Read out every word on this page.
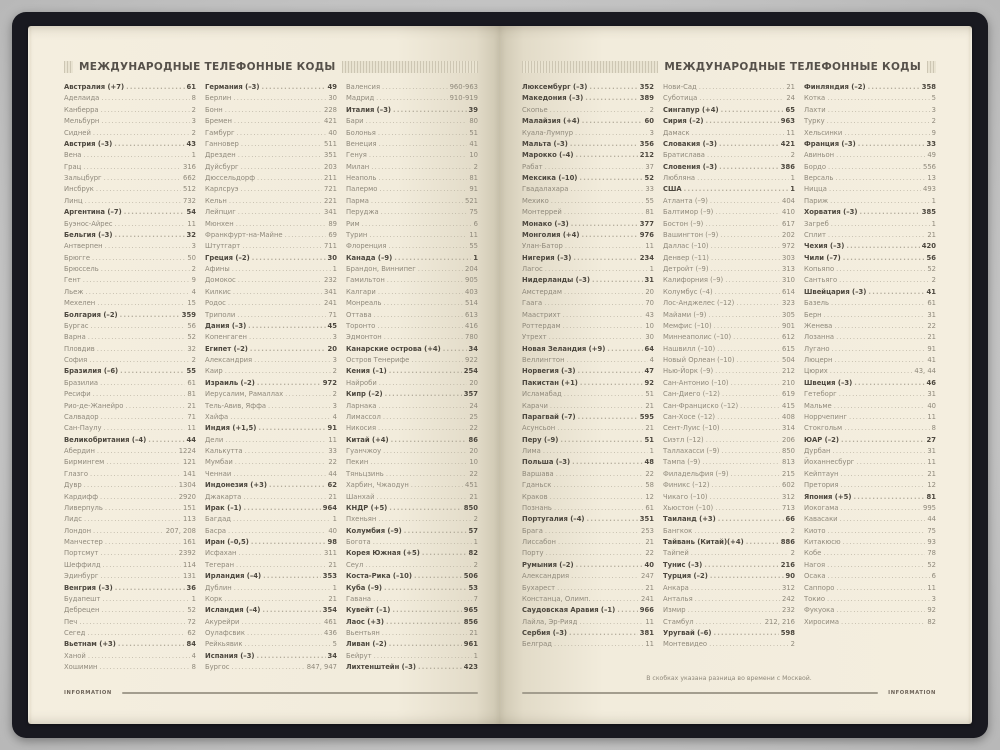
МЕЖДУНАРОДНЫЕ ТЕЛЕФОННЫЕ КОДЫ
Австралия (+7) .....	61
Аделаида .....	8
Канберра .....	2
Мельбурн .....	3
Сидней .....	2
Австрия (–3) .....	43
Вена .....	1
Грац .....	316
Зальцбург .....	662
Инсбрук .....	512
Линц .....	732
Аргентина (–7) .....	54
Буэнос-Айрес .....	11
Бельгия (–3) .....	32
Антверпен .....	3
Брюгге .....	50
Брюссель .....	2
Гент .....	9
Льеж .....	4
Мехелен .....	15
Болгария (–2) .....	359
Бургас .....	56
Варна .....	52
Пловдив .....	32
София .....	2
Бразилия (–6) .....	55
Бразилиа .....	61
Ресифи .....	81
Рио-де-Жанейро .....	21
Салвадор .....	71
Сан-Паулу .....	11
Великобритания (–4) .....	44
Абердин .....	1224
Бирмингем .....	121
Глазго .....	141
Дувр .....	1304
Кардифф .....	2920
Ливерпуль .....	151
Лидс .....	113
Лондон .....	207, 208
Манчестер .....	161
Портсмут .....	2392
Шеффилд .....	114
Эдинбург .....	131
Венгрия (–3) .....	36
Будапешт .....	1
Дебрецен .....	52
Печ .....	72
Сегед .....	62
Вьетнам (+3) .....	84
Ханой .....	4
Хошимин .....	8
Германия (–3) .....	49
Берлин .....	30
Бонн .....	228
Бремен .....	421
Гамбург .....	40
Ганновер .....	511
Дрезден .....	351
Дуйсбург .....	203
Дюссельдорф .....	211
Карлсруэ .....	721
Кельн .....	221
Лейпциг .....	341
Мюнхен .....	89
Франкфурт-на-Майне .....	69
Штутгарт .....	711
Греция (–2) .....	30
Афины .....	1
Домокос .....	232
Килкис .....	341
Родос .....	241
Триполи .....	71
Дания (–3) .....	45
Копенгаген .....	3
Египет (–2) .....	20
Александрия .....	3
Каир .....	2
Израиль (–2) .....	972
Иерусалим, Рамаллах .....	2
Тель-Авив, Яффа .....	3
Хайфа .....	4
Индия (+1,5) .....	91
Дели .....	11
Калькутта .....	33
Мумбаи .....	22
Ченнаи .....	44
Индонезия (+3) .....	62
Джакарта .....	21
Ирак (–1) .....	964
Багдад .....	1
Басра .....	40
Иран (–0,5) .....	98
Исфахан .....	311
Тегеран .....	21
Ирландия (–4) .....	353
Дублин .....	1
Корк .....	21
Исландия (–4) .....	354
Акурейри .....	461
Оулафсвик .....	436
Рейкьявик .....	5
Испания (–3) .....	34
Бургос .....	847, 947
Валенсия .....	960-963
Мадрид .....	910-919
Италия (–3) .....	39
Бари .....	80
Болонья .....	51
Венеция .....	41
Генуя .....	10
Милан .....	2
Неаполь .....	81
Палермо .....	91
Парма .....	521
Перуджа .....	75
Рим .....	6
Турин .....	11
Флоренция .....	55
Канада (–9) .....	1
Брандон, Виннипег .....	204
Гамильтон .....	905
Калгари .....	403
Монреаль .....	514
Оттава .....	613
Торонто .....	416
Эдмонтон .....	780
Канарские острова (+4) .....	34
Остров Тенерифе .....	922
Кения (–1) .....	254
Найроби .....	20
Кипр (–2) .....	357
Ларнака .....	24
Лимассол .....	25
Никосия .....	22
Китай (+4) .....	86
Гуанчжоу .....	20
Пекин .....	10
Тяньцзинь .....	22
Харбин, Чжаодун .....	451
Шанхай .....	21
КНДР (+5) .....	850
Пхеньян .....	2
Колумбия (–9) .....	57
Богота .....	1
Корея Южная (+5) .....	82
Сеул .....	2
Коста-Рика (–10) .....	506
Куба (–9) .....	53
Гавана .....	7
Кувейт (–1) .....	965
Лаос (+3) .....	856
Вьентьян .....	21
Ливан (–2) .....	961
Бейрут .....	1
Лихтенштейн (–3) .....	423
INFORMATION
МЕЖДУНАРОДНЫЕ ТЕЛЕФОННЫЕ КОДЫ
Люксембург (–3) .....	352
Македония (–3) .....	389
Скопье .....	2
Малайзия (+4) .....	60
Куала-Лумпур .....	3
Мальта (–3) .....	356
Марокко (–4) .....	212
Рабат .....	37
Мексика (–10) .....	52
Гвадалахара .....	33
Мехико .....	55
Монтеррей .....	81
Монако (–3) .....	377
Монголия (+4) .....	976
Улан-Батор .....	11
Нигерия (–3) .....	234
Лагос .....	1
Нидерланды (–3) .....	31
Амстердам .....	20
Гаага .....	70
Маастрихт .....	43
Роттердам .....	10
Утрехт .....	30
Новая Зеландия (+9) .....	64
Веллингтон .....	4
Норвегия (–3) .....	47
Пакистан (+1) .....	92
Исламабад .....	51
Карачи .....	21
Парагвай (–7) .....	595
Асунсьон .....	21
Перу (–9) .....	51
Лима .....	1
Польша (–3) .....	48
Варшава .....	22
Гданьск .....	58
Краков .....	12
Познань .....	61
Португалия (–4) .....	351
Брага .....	253
Лиссабон .....	21
Порту .....	22
Румыния (–2) .....	40
Александрия .....	247
Бухарест .....	21
Констанца, Олимп. .....	241
Саудовская Аравия (–1) .....	966
Лайла, Эр-Рияд .....	11
Сербия (–3) .....	381
Белград .....	11
Нови-Сад .....	21
Суботица .....	24
Сингапур (+4) .....	65
Сирия (–2) .....	963
Дамаск .....	11
Словакия (–3) .....	421
Братислава .....	2
Словения (–3) .....	386
Любляна .....	1
США .....	1
Атланта (–9) .....	404
Балтимор (–9) .....	410
Бостон (–9) .....	617
Вашингтон (–9) .....	202
Даллас (–10) .....	972
Денвер (–11) .....	303
Детройт (–9) .....	313
Калифорния (–9) .....	310
Колумбус (–4) .....	614
Лос-Анджелес (–12) .....	323
Майами (–9) .....	305
Мемфис (–10) .....	901
Миннеаполис (–10) .....	612
Нашвилл (–10) .....	615
Новый Орлеан (–10) .....	504
Нью-Йорк (–9) .....	212
Сан-Антонио (–10) .....	210
Сан-Диего (–12) .....	619
Сан-Франциско (–12) .....	415
Сан-Хосе (–12) .....	408
Сент-Луис (–10) .....	314
Сиэтл (–12) .....	206
Таллахасси (–9) .....	850
Тампа (–9) .....	813
Филадельфия (–9) .....	215
Финикс (–12) .....	602
Чикаго (–10) .....	312
Хьюстон (–10) .....	713
Таиланд (+3) .....	66
Бангкок .....	2
Тайвань (Китай)(+4) .....	886
Тайпей .....	2
Тунис (–3) .....	216
Турция (–2) .....	90
Анкара .....	312
Анталья .....	242
Измир .....	232
Стамбул .....	212, 216
Уругвай (–6) .....	598
Монтевидео .....	2
Финляндия (–2) .....	358
Котка .....	5
Лахти .....	3
Турку .....	2
Хельсинки .....	9
Франция (–3) .....	33
Авиньон .....	49
Бордо .....	556
Версаль .....	13
Ницца .....	493
Париж .....	1
Хорватия (–3) .....	385
Загреб .....	1
Сплит .....	21
Чехия (–3) .....	420
Чили (–7) .....	56
Копьяпо .....	52
Сантьяго .....	2
Швейцария (–3) .....	41
Базель .....	61
Берн .....	31
Женева .....	22
Лозанна .....	21
Лугано .....	91
Люцерн .....	41
Цюрих .....	43, 44
Швеция (–3) .....	46
Гетеборг .....	31
Мальме .....	40
Норрчепинг .....	11
Стокгольм .....	8
ЮАР (–2) .....	27
Дурбан .....	31
Йоханнесбург .....	11
Кейптаун .....	21
Претория .....	12
Япония (+5) .....	81
Иокогама .....	995
Кавасаки .....	44
Киото .....	75
Китакюсю .....	93
Кобе .....	78
Нагоя .....	52
Осака .....	6
Саппоро .....	11
Токио .....	3
Фукуока .....	92
Хиросима .....	82
В скобках указана разница во времени с Москвой.
INFORMATION
